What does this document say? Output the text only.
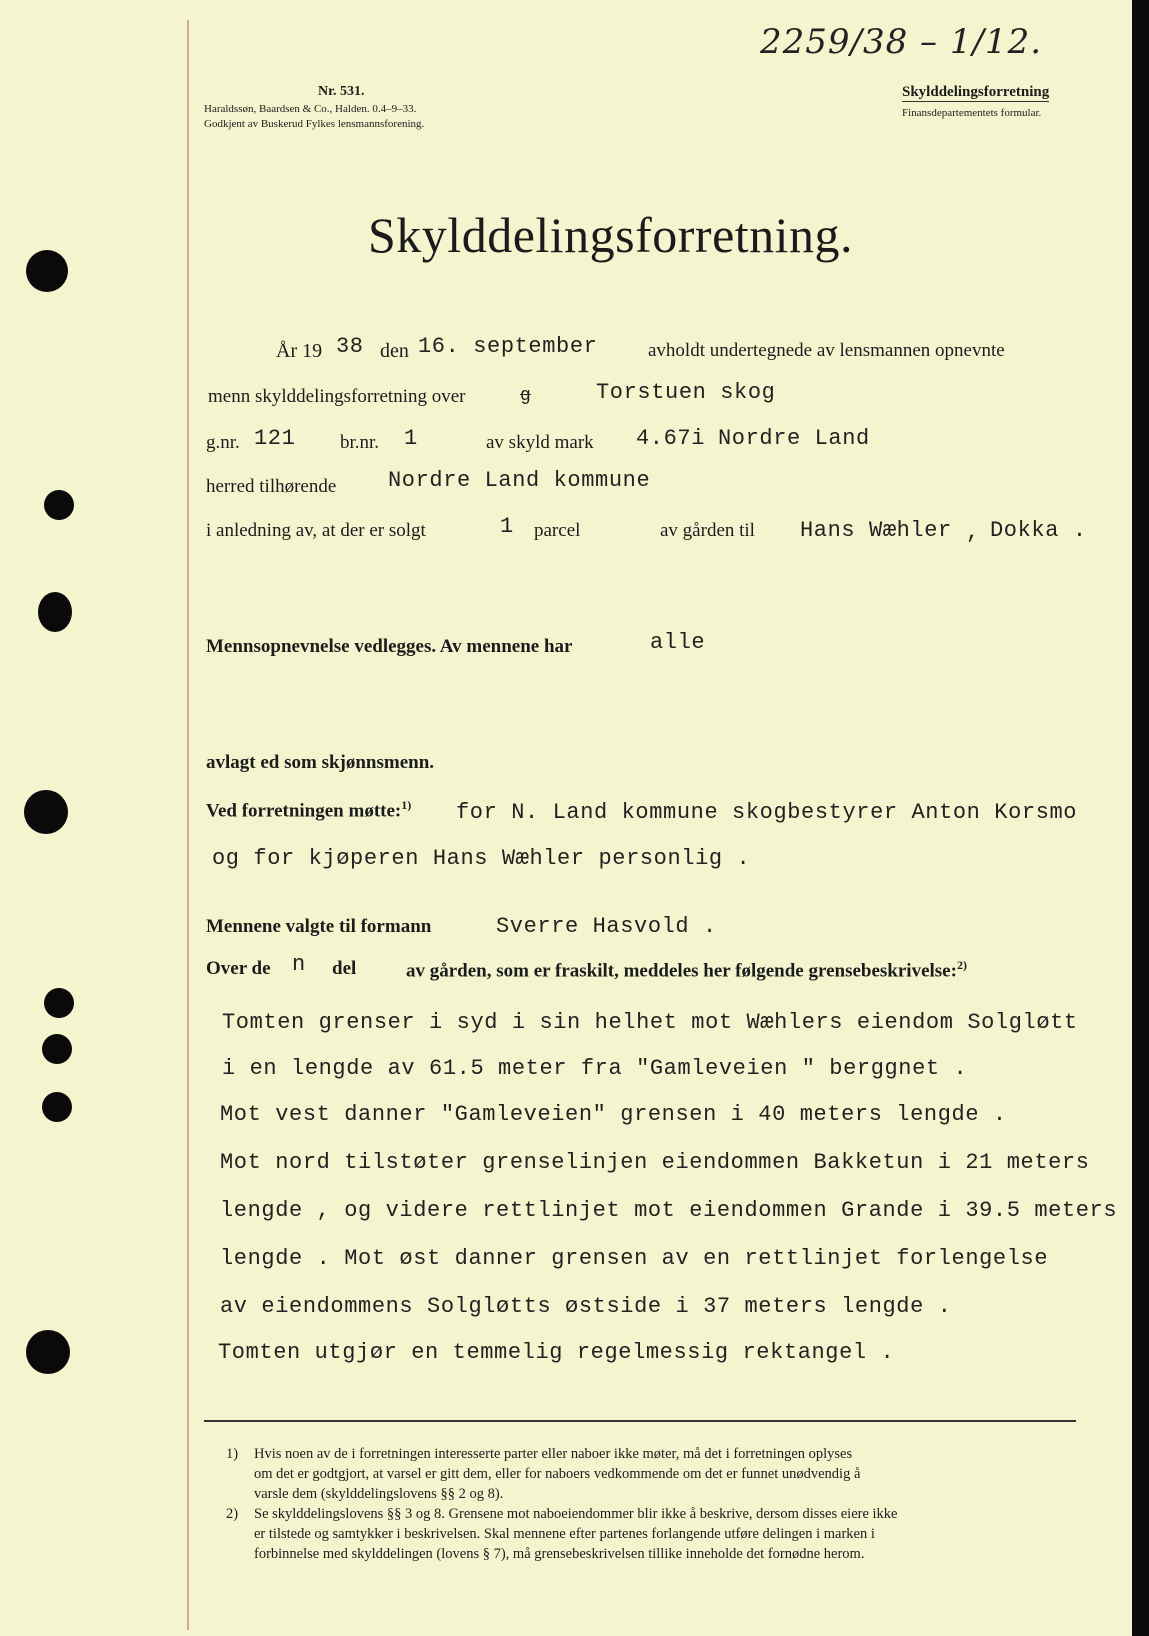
2259/38 – 1/12.
Nr. 531.
Haraldssøn, Baardsen & Co., Halden. 0.4–9–33.
Godkjent av Buskerud Fylkes lensmannsforening.
Skylddelingsforretning
Finansdepartementets formular.
Skylddelingsforretning.
År 19 38 den 16. september	avholdt undertegnede av lensmannen opnevnte
menn skylddelingsforretning over	g	Torstuen skog
g.nr. 121 br.nr. 1	av skyld mark 4.67i Nordre Land
herred tilhørende Nordre Land kommune
i anledning av, at der er solgt	1 parcel	av gården til Hans Wæhler , Dokka .
Mennsopnevnelse vedlegges. Av mennene har	alle
avlagt ed som skjønnsmenn.
Ved forretningen møtte:$^{1)}$ for N. Land kommune skogbestyrer Anton Korsmo
og for kjøperen Hans Wæhler personlig .
Mennene valgte til formann	Sverre Hasvold .
Over de n del	av gården, som er fraskilt, meddeles her følgende grensebeskrivelse:$^{2)}$
Tomten grenser i syd i sin helhet mot Wæhlers eiendom Solgløtt
i en lengde av 61.5 meter fra "Gamleveien " berggnet .
Mot vest danner "Gamleveien" grensen i 40 meters lengde .
Mot nord tilstøter grenselinjen eiendommen Bakketun i 21 meters
lengde , og videre rettlinjet mot eiendommen Grande i 39.5 meters
lengde . Mot øst danner grensen av en rettlinjet forlengelse
av eiendommens Solgløtts østside i 37 meters lengde .
Tomten utgjør en temmelig regelmessig rektangel .
1) Hvis noen av de i forretningen interesserte parter eller naboer ikke møter, må det i forretningen oplyses
om det er godtgjort, at varsel er gitt dem, eller for naboers vedkommende om det er funnet unødvendig å
varsle dem (skylddelingslovens §§ 2 og 8).
2) Se skylddelingslovens §§ 3 og 8. Grensene mot naboeiendommer blir ikke å beskrive, dersom disses eiere ikke
er tilstede og samtykker i beskrivelsen. Skal mennene efter partenes forlangende utføre delingen i marken i
forbinnelse med skylddelingen (lovens § 7), må grensebeskrivelsen tillike inneholde det fornødne herom.
